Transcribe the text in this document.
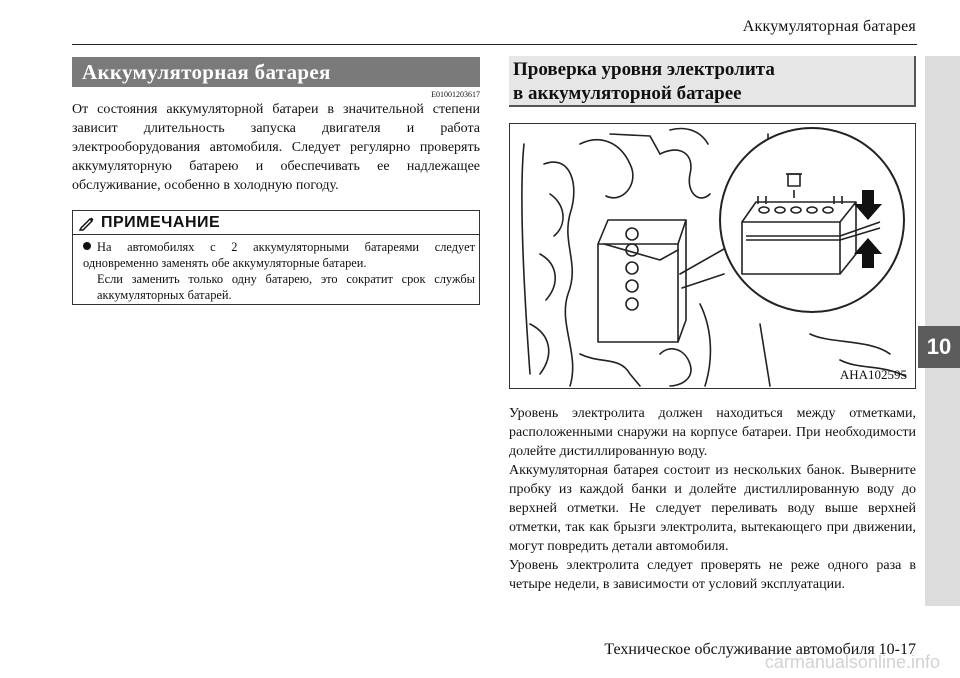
Аккумуляторная батарея
10
Аккумуляторная батарея
E01001203617

От состояния аккумуляторной батареи в значительной степени зависит длительность запуска двигателя и работа электрооборудования автомобиля. Следует регулярно проверять аккумуляторную батарею и обеспечивать ее надлежащее обслуживание, особенно в холодную погоду.

ПРИМЕЧАНИЕ

На автомобилях с 2 аккумуляторными батареями следует одновременно заменять обе аккумуляторные батареи.

Если заменить только одну батарею, это сократит срок службы аккумуляторных батарей.

Проверка уровня электролита
в аккумуляторной батарее
AHA102595

Уровень электролита должен находиться между отметками, расположенными снаружи на корпусе батареи. При необходимости долейте дистиллированную воду.

Аккумуляторная батарея состоит из нескольких банок. Выверните пробку из каждой банки и долейте дистиллированную воду до верхней отметки. Не следует переливать воду выше верхней отметки, так как брызги электролита, вытекающего при движении, могут повредить детали автомобиля.

Уровень электролита следует проверять не реже одного раза в четыре недели, в зависимости от условий эксплуатации.

Техническое обслуживание автомобиля 10-17
carmanualsonline.info
